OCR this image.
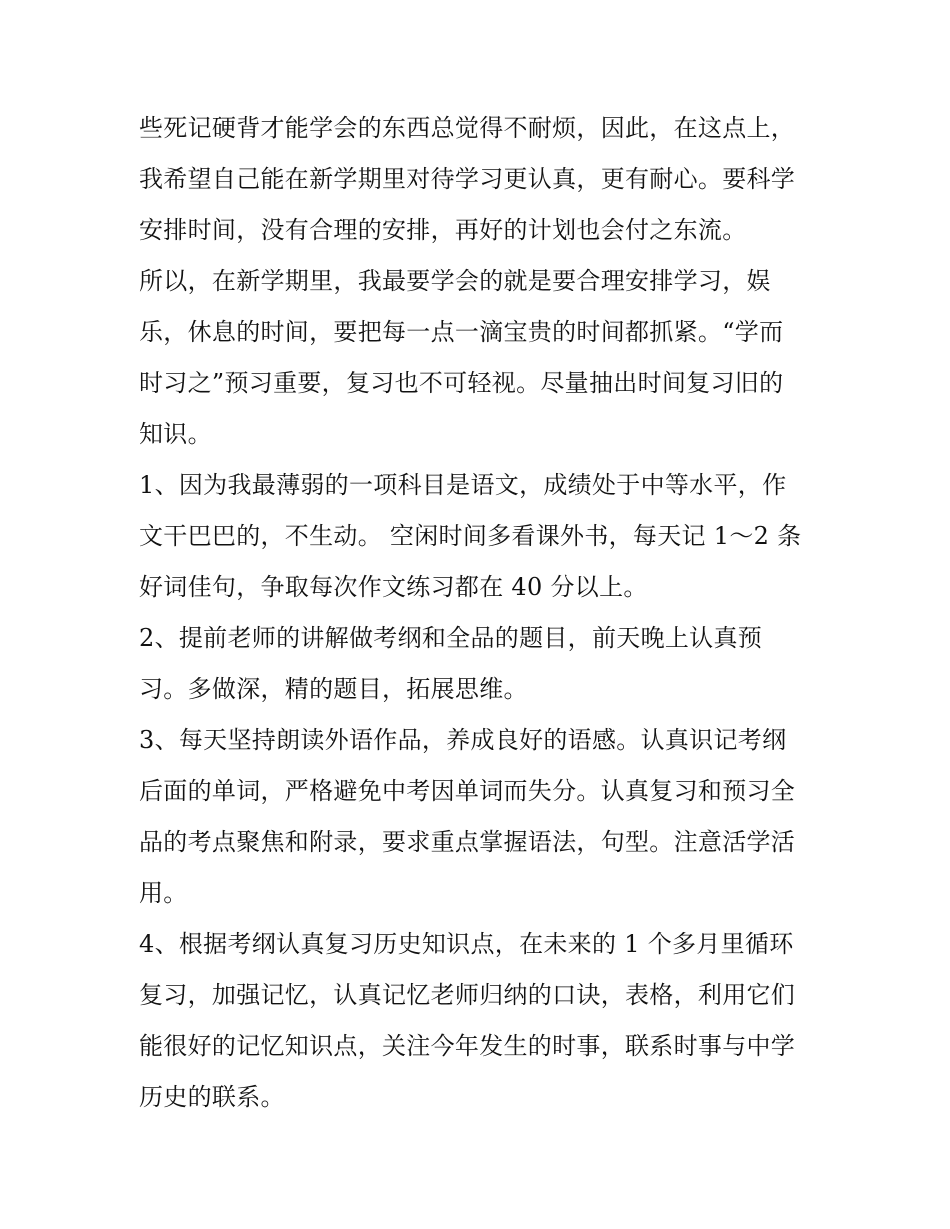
些死记硬背才能学会的东西总觉得不耐烦，因此，在这点上，
我希望自己能在新学期里对待学习更认真，更有耐心。要科学
安排时间，没有合理的安排，再好的计划也会付之东流。
所以，在新学期里，我最要学会的就是要合理安排学习，娱
乐，休息的时间，要把每一点一滴宝贵的时间都抓紧。“学而
时习之”预习重要，复习也不可轻视。尽量抽出时间复习旧的
知识。
1、因为我最薄弱的一项科目是语文，成绩处于中等水平，作
文干巴巴的，不生动。 空闲时间多看课外书，每天记 1～2 条
好词佳句，争取每次作文练习都在 40 分以上。
2、提前老师的讲解做考纲和全品的题目，前天晚上认真预
习。多做深，精的题目，拓展思维。
3、每天坚持朗读外语作品，养成良好的语感。认真识记考纲
后面的单词，严格避免中考因单词而失分。认真复习和预习全
品的考点聚焦和附录，要求重点掌握语法，句型。注意活学活
用。
4、根据考纲认真复习历史知识点，在未来的 1 个多月里循环
复习，加强记忆，认真记忆老师归纳的口诀，表格，利用它们
能很好的记忆知识点，关注今年发生的时事，联系时事与中学
历史的联系。
